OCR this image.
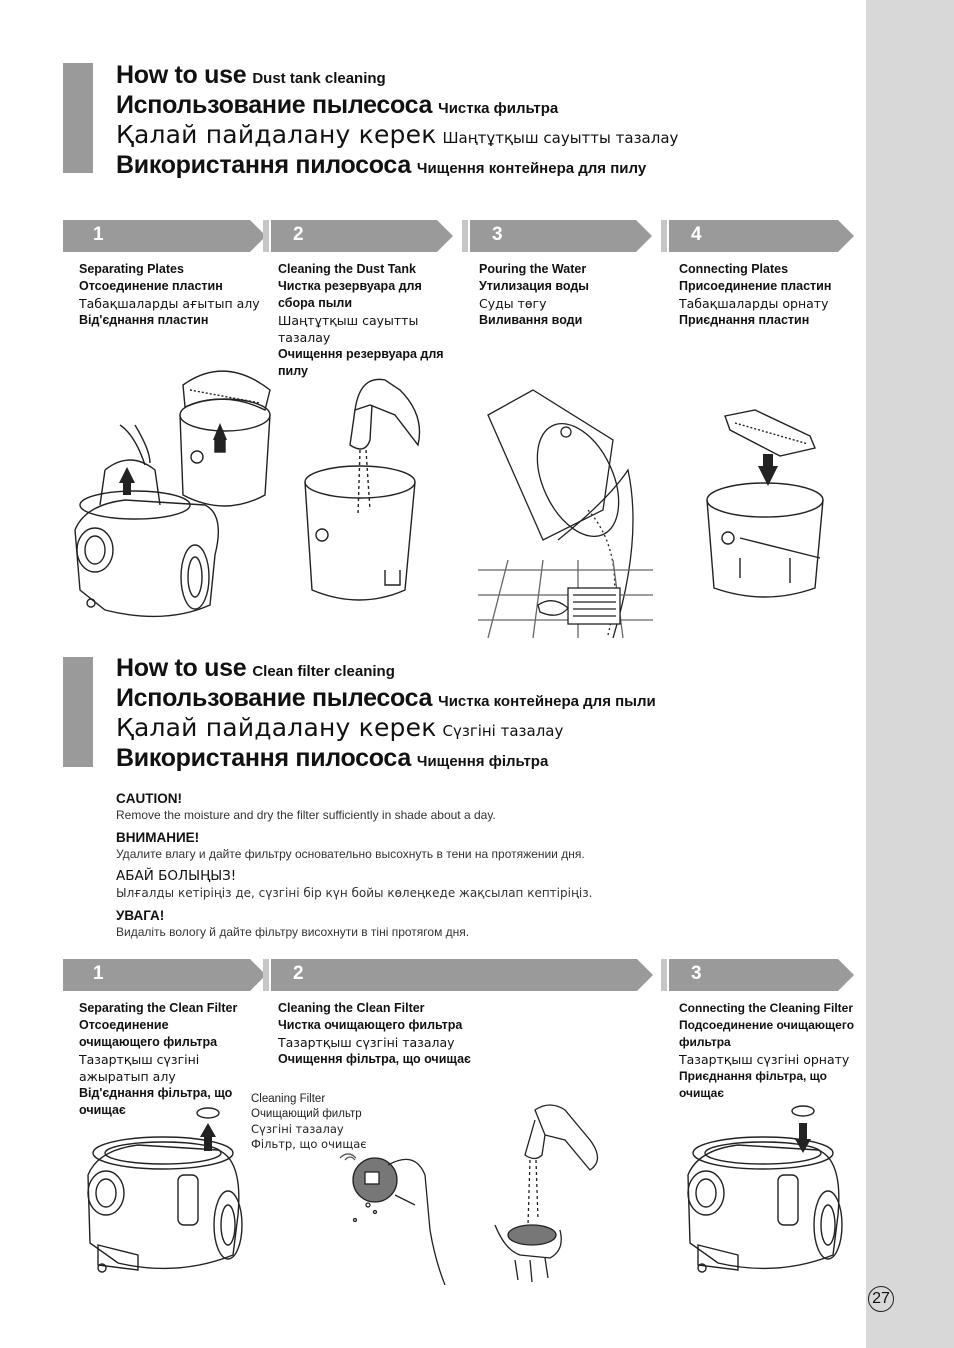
How to use Dust tank cleaning
Использование пылесоса Чистка фильтра
Қалай пайдалану керек Шаңтұтқыш сауытты тазалау
Використання пилососа Чищення контейнера для пилу
1	2	3	4
Separating Plates
Отсоединение пластин
Табақшаларды ағытып алу
Від'єднання пластин
Cleaning the Dust Tank
Чистка резервуара для
сбора пыли
Шаңтұтқыш сауытты
тазалау
Очищення резервуара для
пилу
Pouring the Water
Утилизация воды
Суды төгу
Виливання води
Connecting Plates
Присоединение пластин
Табақшаларды орнату
Приєднання пластин
How to use Clean filter cleaning
Использование пылесоса Чистка контейнера для пыли
Қалай пайдалану керек Сүзгіні тазалау
Використання пилососа Чищення фільтра
CAUTION!
Remove the moisture and dry the filter sufficiently in shade about a day.
ВНИМАНИЕ!
Удалите влагу и дайте фильтру основательно высохнуть в тени на протяжении дня.
АБАЙ БОЛЫҢЫЗ!
Ылғалды кетіріңіз де, сүзгіні бір күн бойы көлеңкеде жақсылап кептіріңіз.
УВАГА!
Видаліть вологу й дайте фільтру висохнути в тіні протягом дня.
1	2	3
Separating the Clean Filter
Отсоединение
очищающего фильтра
Тазартқыш сүзгіні
ажыратып алу
Від'єднання фільтра, що
очищає
Cleaning the Clean Filter
Чистка очищающего фильтра
Тазартқыш сүзгіні тазалау
Очищення фільтра, що очищає
Connecting the Cleaning Filter
Подсоединение очищающего
фильтра
Тазартқыш сүзгіні орнату
Приєднання фільтра, що
очищає
Cleaning Filter
Очищающий фильтр
Сүзгіні тазалау
Фільтр, що очищає
27
